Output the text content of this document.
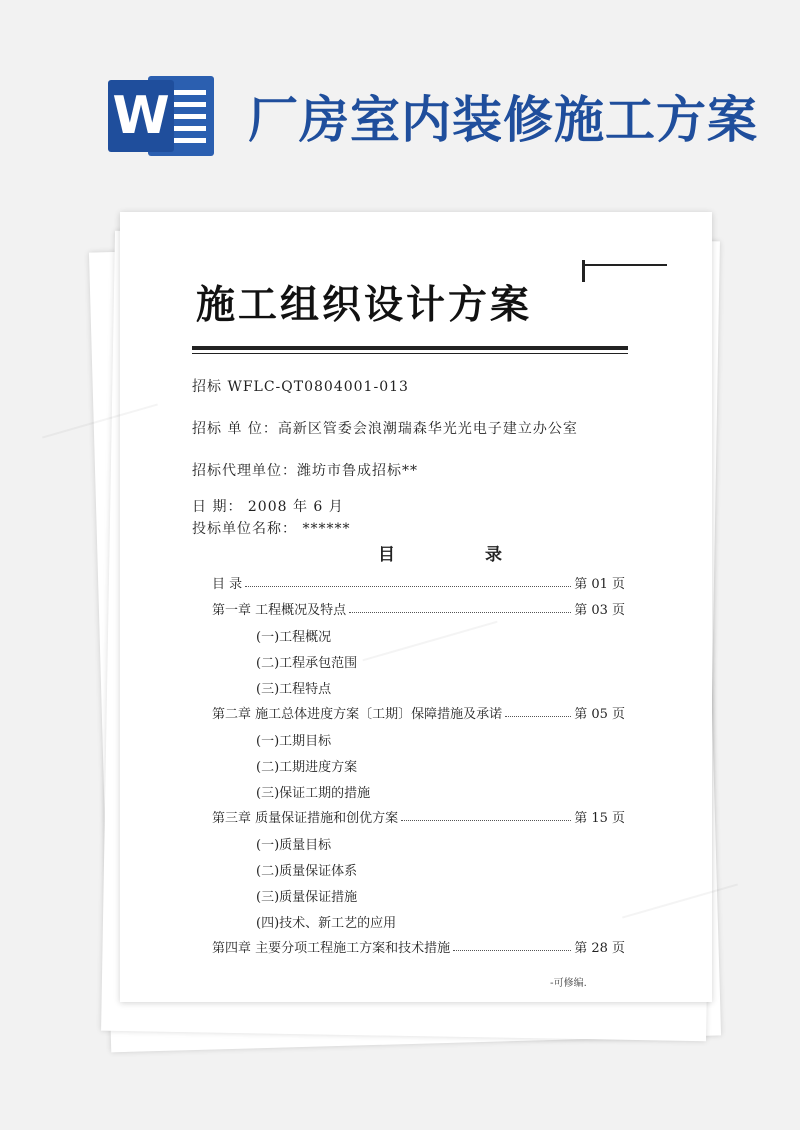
W 厂房室内装修施工方案
施工组织设计方案
招标 WFLC-QT0804001-013
招标 单 位：高新区管委会浪潮瑞森华光光电子建立办公室
招标代理单位：潍坊市鲁成招标**
日 期： 2008 年 6 月
投标单位名称： ******
目录
目 录	第 01 页
第一章 工程概况及特点	第 03 页
(一)工程概况
(二)工程承包范围
(三)工程特点
第二章 施工总体进度方案〔工期〕保障措施及承诺	第 05 页
(一)工期目标
(二)工期进度方案
(三)保证工期的措施
第三章 质量保证措施和创优方案	第 15 页
(一)质量目标
(二)质量保证体系
(三)质量保证措施
(四)技术、新工艺的应用
第四章 主要分项工程施工方案和技术措施	第 28 页
-可修编.
